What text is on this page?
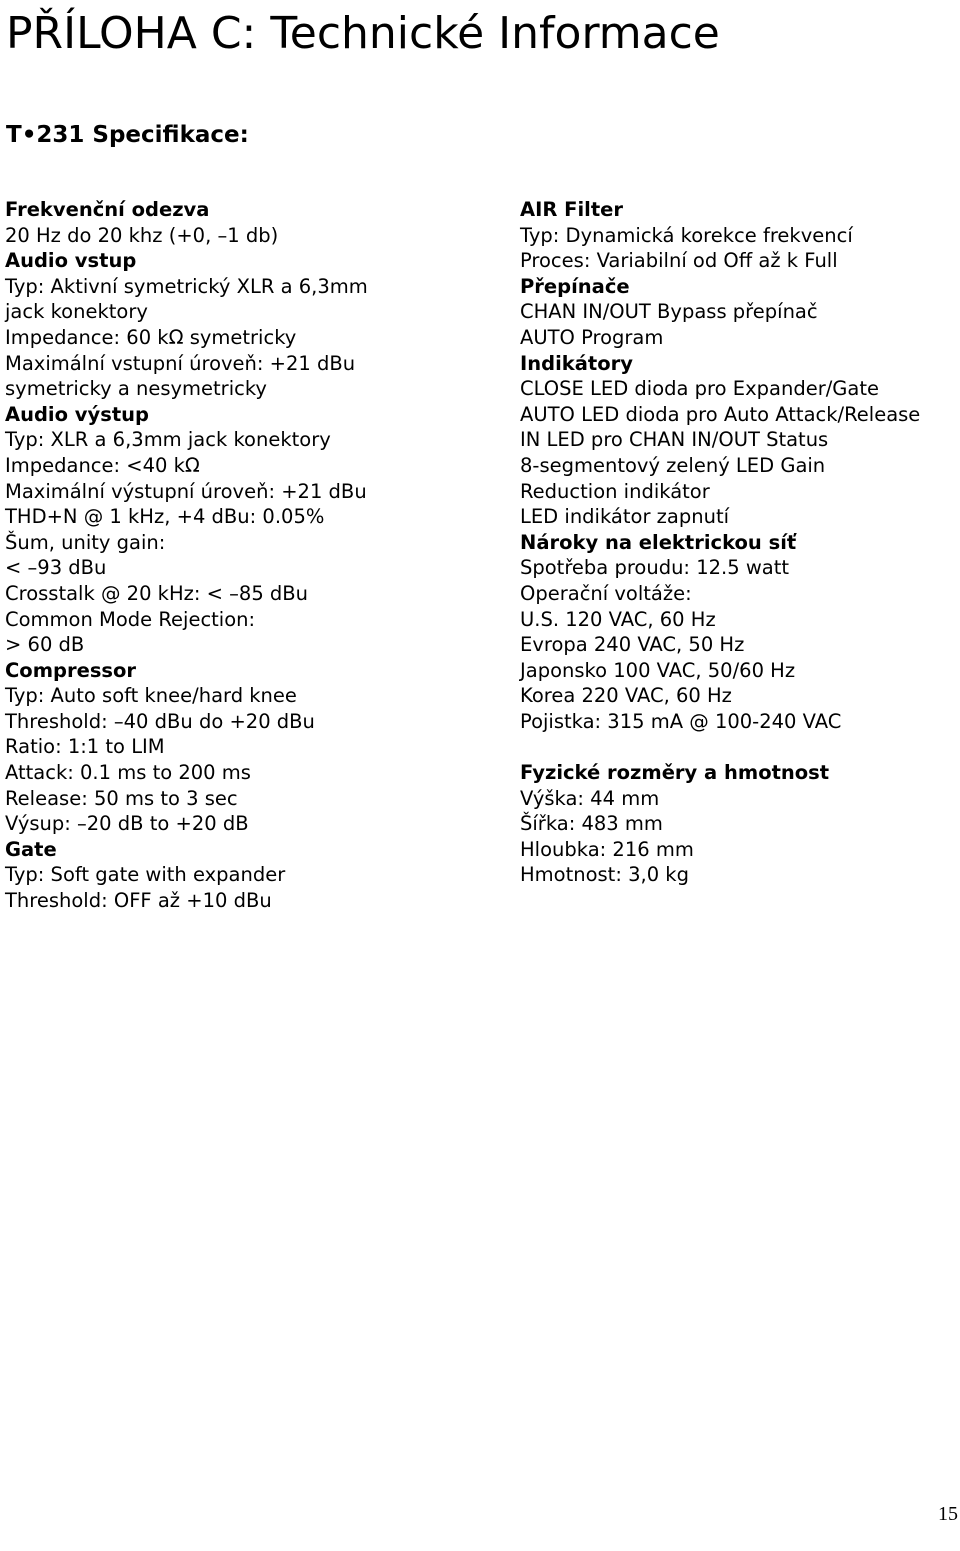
PŘÍLOHA C: Technické Informace
T•231 Specifikace:
Frekvenční odezva
20 Hz do 20 khz (+0, –1 db)
Audio vstup
Typ: Aktivní symetrický XLR a 6,3mm
jack konektory
Impedance: 60 kΩ symetricky
Maximální vstupní úroveň: +21 dBu
symetricky a nesymetricky
Audio výstup
Typ: XLR a 6,3mm jack konektory
Impedance: <40 kΩ
Maximální výstupní úroveň: +21 dBu
THD+N @ 1 kHz, +4 dBu: 0.05%
Šum, unity gain:
< –93 dBu
Crosstalk @ 20 kHz: < –85 dBu
Common Mode Rejection:
> 60 dB
Compressor
Typ: Auto soft knee/hard knee
Threshold: –40 dBu do +20 dBu
Ratio: 1:1 to LIM
Attack: 0.1 ms to 200 ms
Release: 50 ms to 3 sec
Výsup: –20 dB to +20 dB
Gate
Typ: Soft gate with expander
Threshold: OFF až +10 dBu
AIR Filter
Typ: Dynamická korekce frekvencí
Proces: Variabilní od Off až k Full
Přepínače
CHAN IN/OUT Bypass přepínač
AUTO Program
Indikátory
CLOSE LED dioda pro Expander/Gate
AUTO LED dioda pro Auto Attack/Release
IN LED pro CHAN IN/OUT Status
8-segmentový zelený LED Gain
Reduction indikátor
LED indikátor zapnutí
Nároky na elektrickou síť
Spotřeba proudu: 12.5 watt
Operační voltáže:
U.S. 120 VAC, 60 Hz
Evropa 240 VAC, 50 Hz
Japonsko 100 VAC, 50/60 Hz
Korea 220 VAC, 60 Hz
Pojistka: 315 mA @ 100-240 VAC
Fyzické rozměry a hmotnost
Výška: 44 mm
Šířka: 483 mm
Hloubka: 216 mm
Hmotnost: 3,0 kg
15
